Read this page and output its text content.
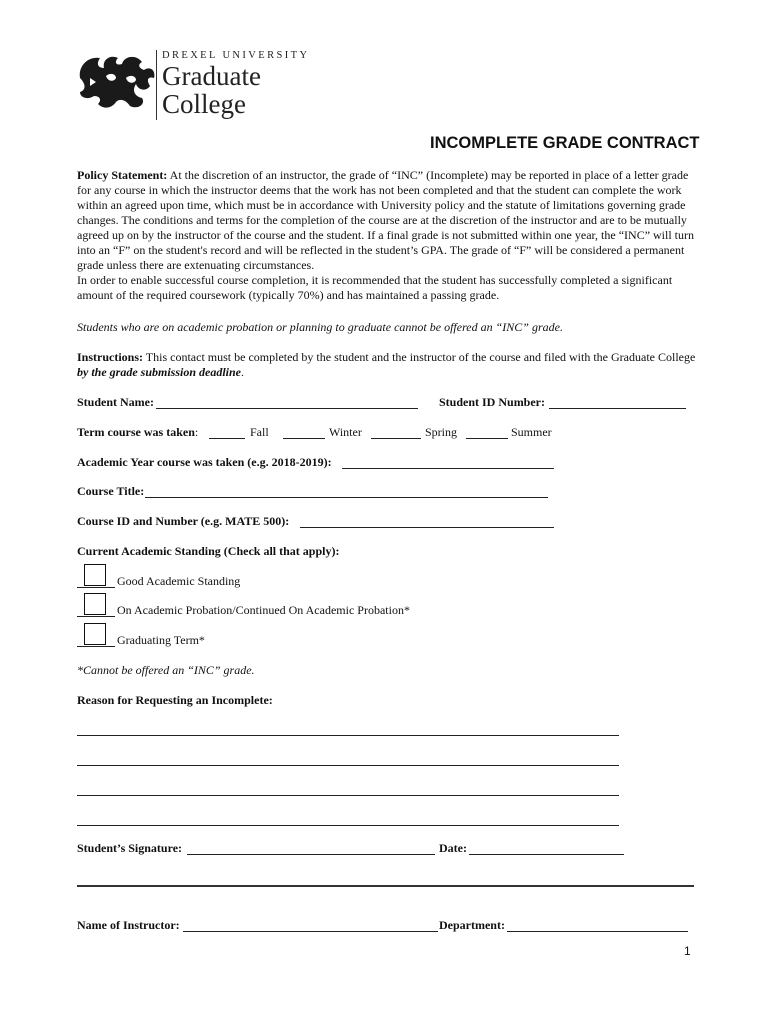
DREXEL UNIVERSITY
Graduate
College
INCOMPLETE GRADE CONTRACT
Policy Statement: At the discretion of an instructor, the grade of “INC” (Incomplete) may be reported in place of a letter grade for any course in which the instructor deems that the work has not been completed and that the student can complete the work within an agreed upon time, which must be in accordance with University policy and the statute of limitations governing grade changes. The conditions and terms for the completion of the course are at the discretion of the instructor and are to be mutually agreed up on by the instructor of the course and the student. If a final grade is not submitted within one year, the “INC” will turn into an “F” on the student's record and will be reflected in the student’s GPA. The grade of “F” will be considered a permanent grade unless there are extenuating circumstances.
In order to enable successful course completion, it is recommended that the student has successfully completed a significant amount of the required coursework (typically 70%) and has maintained a passing grade.
Students who are on academic probation or planning to graduate cannot be offered an “INC” grade.
Instructions: This contact must be completed by the student and the instructor of the course and filed with the Graduate College by the grade submission deadline.
Student Name:	Student ID Number:
Term course was taken:	Fall	Winter	Spring	Summer
Academic Year course was taken (e.g. 2018-2019):
Course Title:
Course ID and Number (e.g. MATE 500):
Current Academic Standing (Check all that apply):
Good Academic Standing
On Academic Probation/Continued On Academic Probation*
Graduating Term*
*Cannot be offered an “INC” grade.
Reason for Requesting an Incomplete:
Student’s Signature:	Date:
Name of Instructor:	Department:
1
